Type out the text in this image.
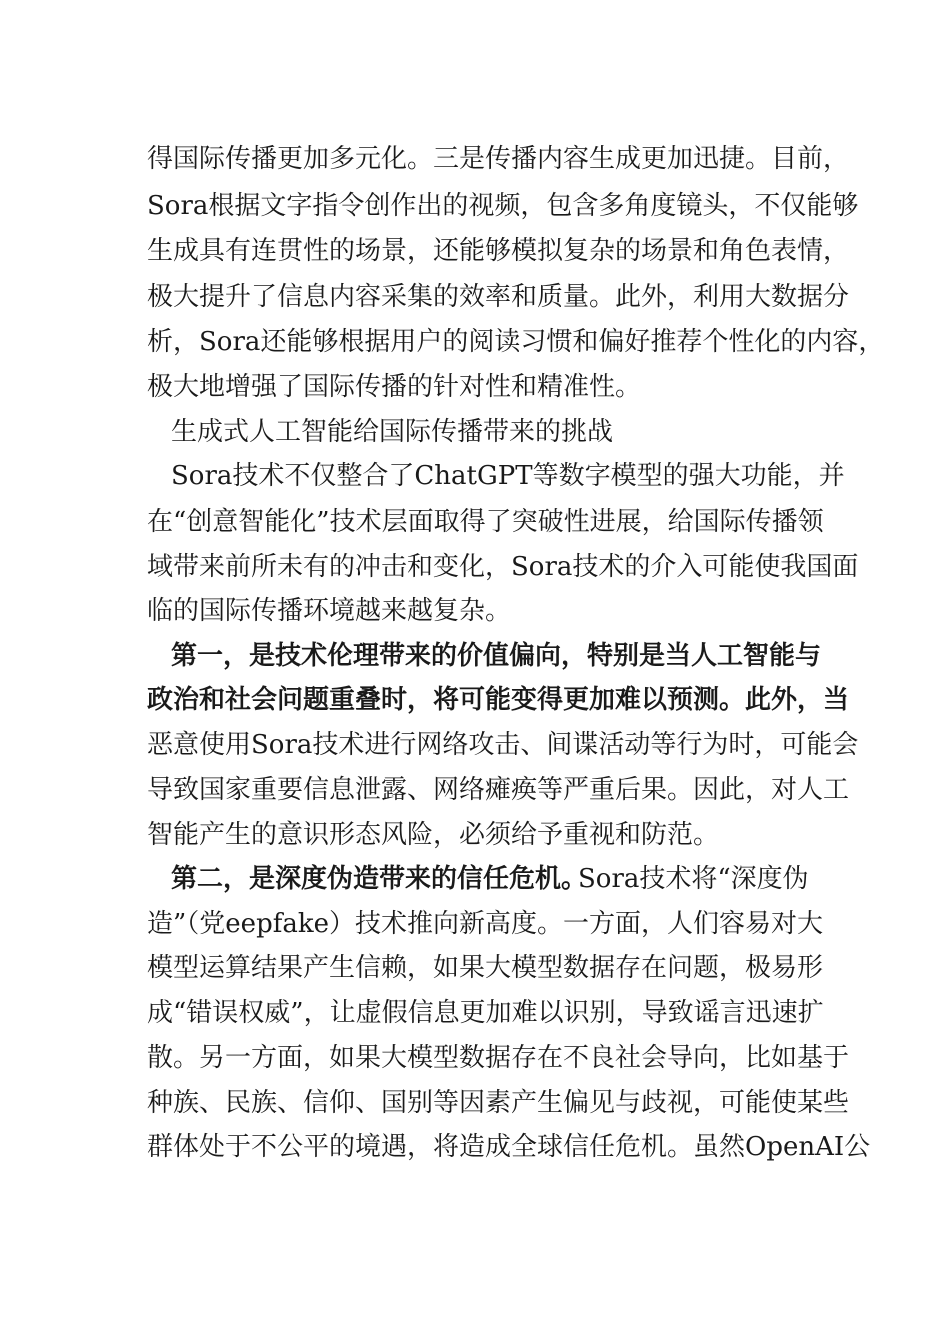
得国际传播更加多元化。三是传播内容生成更加迅捷。目前，
Sora根据文字指令创作出的视频，包含多角度镜头，不仅能够
生成具有连贯性的场景，还能够模拟复杂的场景和角色表情，
极大提升了信息内容采集的效率和质量。此外，利用大数据分
析，Sora还能够根据用户的阅读习惯和偏好推荐个性化的内容，
极大地增强了国际传播的针对性和精准性。
生成式人工智能给国际传播带来的挑战
Sora技术不仅整合了ChatGPT等数字模型的强大功能，并
在“创意智能化”技术层面取得了突破性进展，给国际传播领
域带来前所未有的冲击和变化，Sora技术的介入可能使我国面
临的国际传播环境越来越复杂。
第一，是技术伦理带来的价值偏向，特别是当人工智能与
政治和社会问题重叠时，将可能变得更加难以预测。此外，当
恶意使用Sora技术进行网络攻击、间谍活动等行为时，可能会
导致国家重要信息泄露、网络瘫痪等严重后果。因此，对人工
智能产生的意识形态风险，必须给予重视和防范。
第二，是深度伪造带来的信任危机。
Sora技术将“深度伪
造”（党eepfake）技术推向新高度。一方面，人们容易对大
模型运算结果产生信赖，如果大模型数据存在问题，极易形
成“错误权威”，让虚假信息更加难以识别，导致谣言迅速扩
散。另一方面，如果大模型数据存在不良社会导向，比如基于
种族、民族、信仰、国别等因素产生偏见与歧视，可能使某些
群体处于不公平的境遇，将造成全球信任危机。虽然OpenAI公
